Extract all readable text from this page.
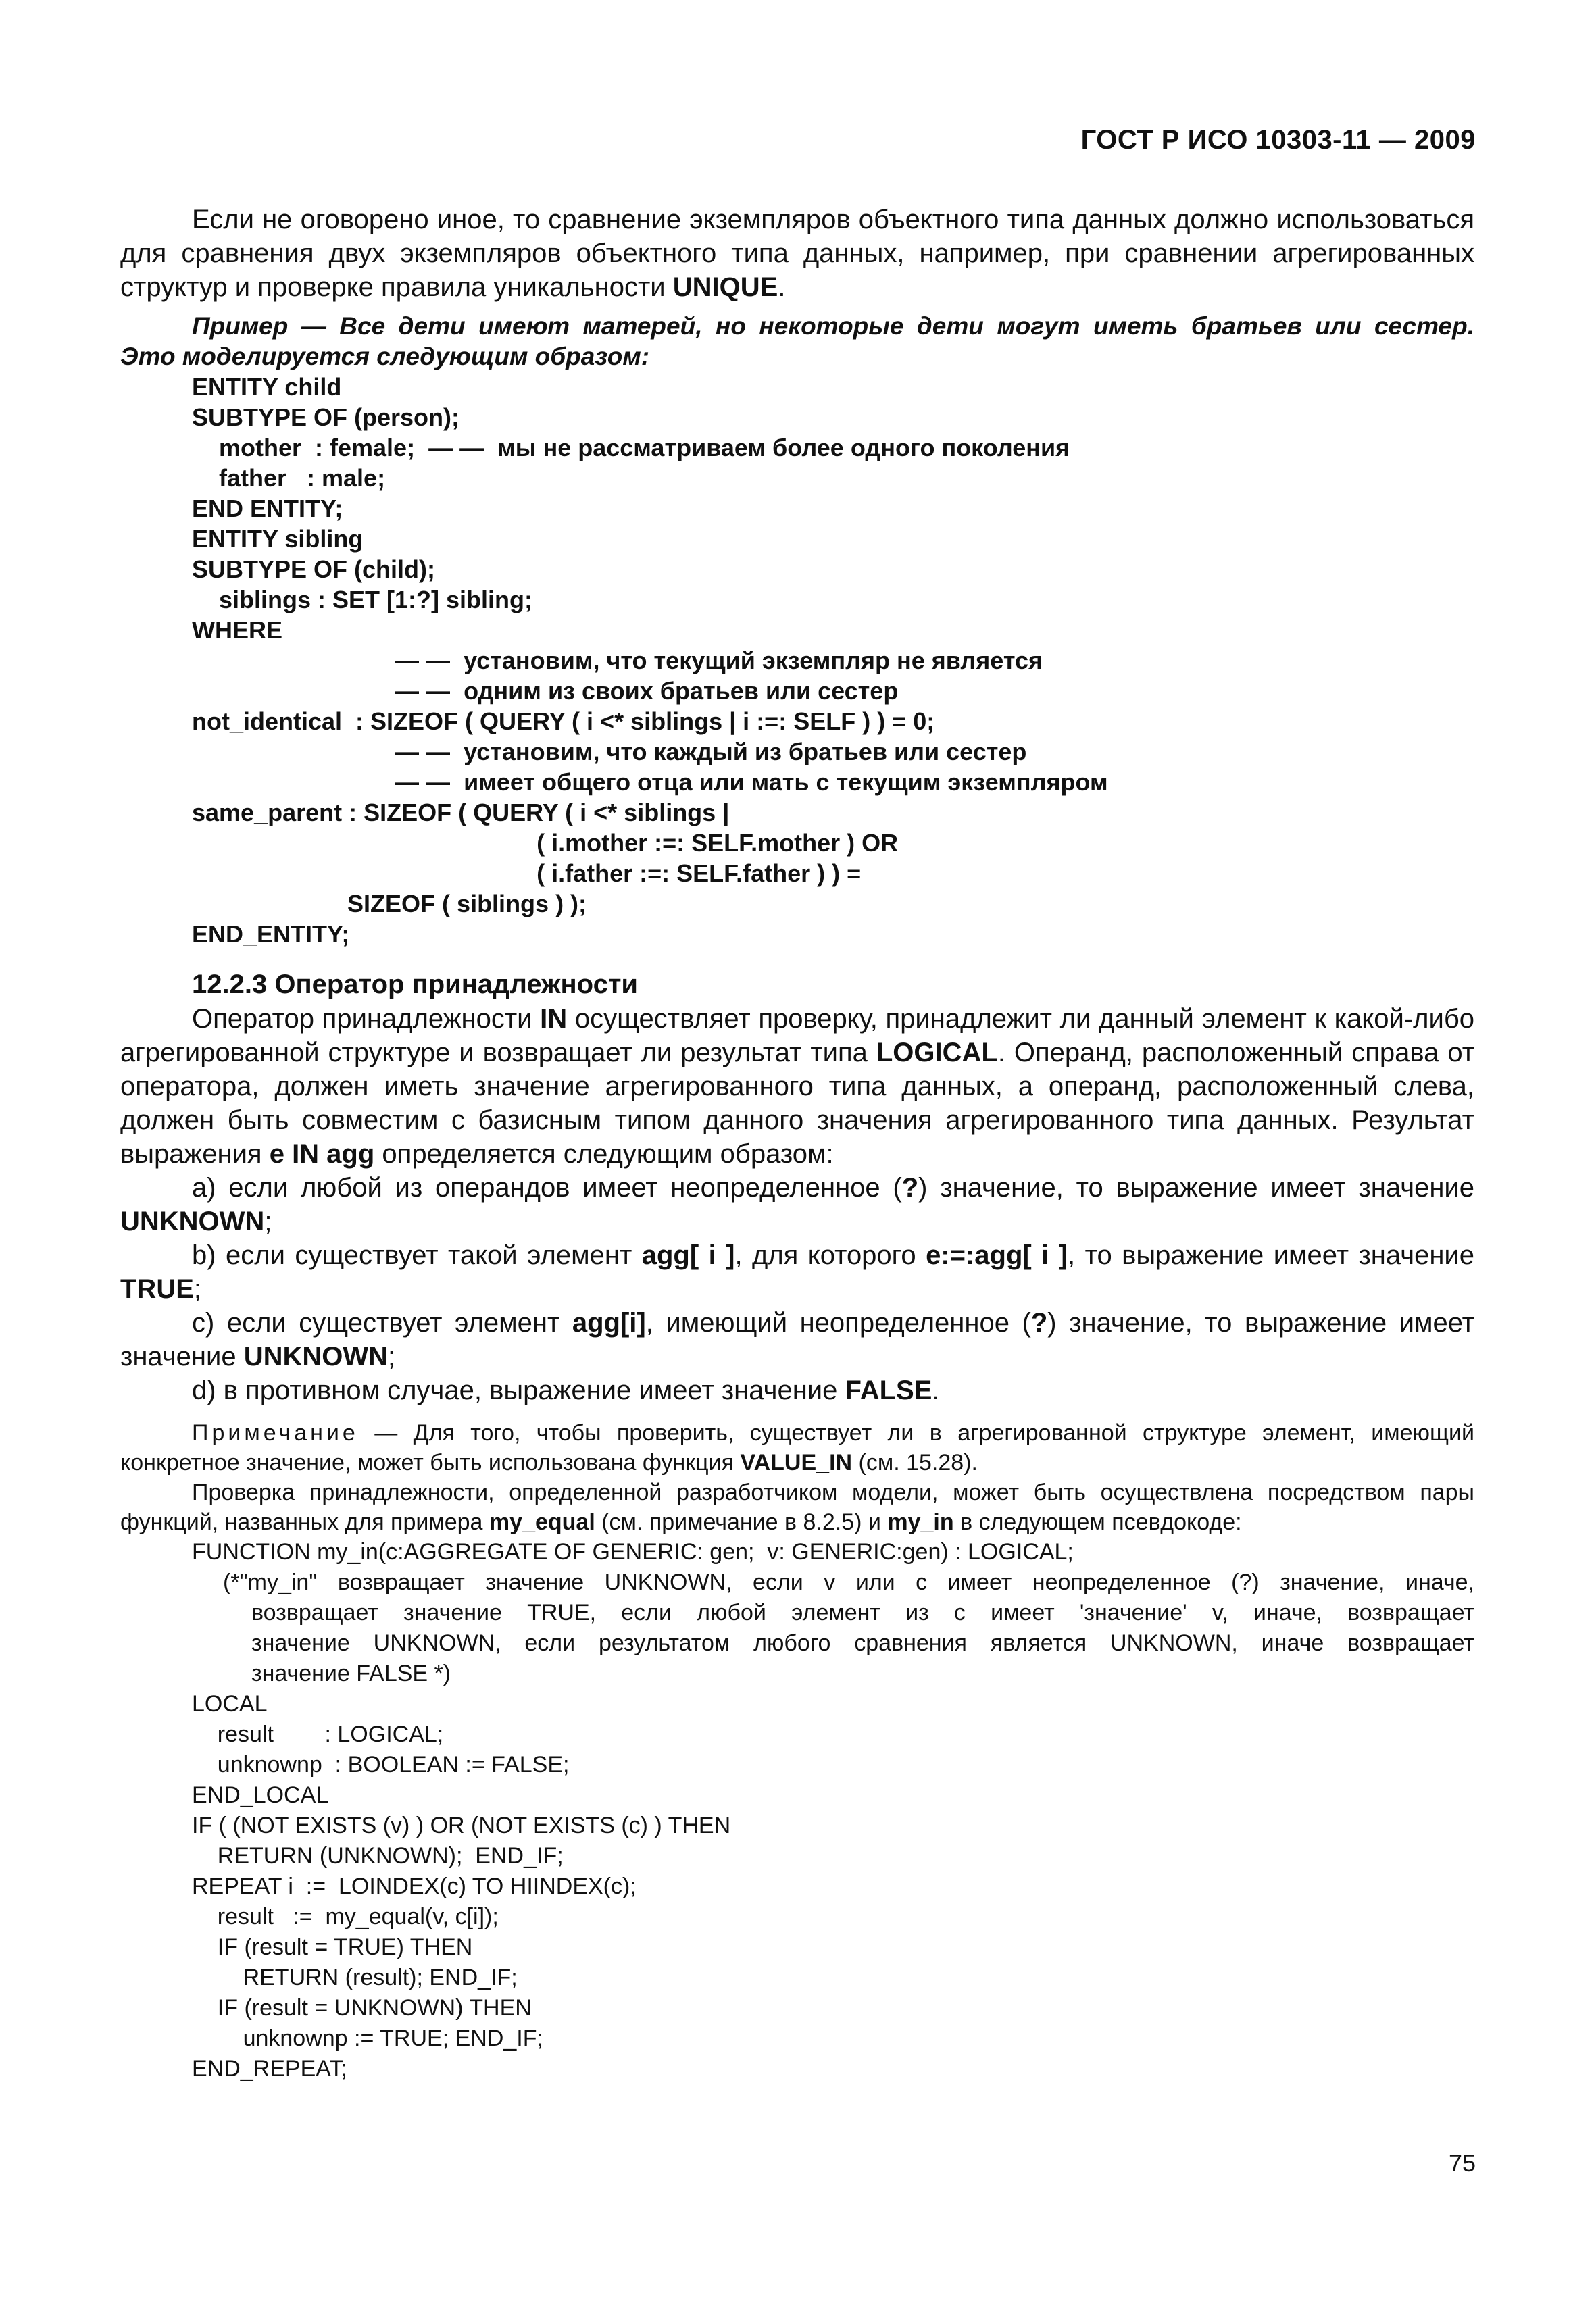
ГОСТ Р ИСО 10303-11 — 2009

Если не оговорено иное, то сравнение экземпляров объектного типа данных должно использоваться для сравнения двух экземпляров объектного типа данных, например, при сравнении агрегированных структур и проверке правила уникальности UNIQUE.

Пример — Все дети имеют матерей, но некоторые дети могут иметь братьев или сестер.
Это моделируется следующим образом:
ENTITY child
SUBTYPE OF (person);
mother  : female;  — —  мы не рассматриваем более одного поколения
father   : male;
END ENTITY;
ENTITY sibling
SUBTYPE OF (child);
siblings : SET [1:?] sibling;
WHERE
— —  установим, что текущий экземпляр не является
— —  одним из своих братьев или сестер
not_identical  : SIZEOF ( QUERY ( i <* siblings | i :=: SELF ) ) = 0;
— —  установим, что каждый из братьев или сестер
— —  имеет общего отца или мать с текущим экземпляром
same_parent : SIZEOF ( QUERY ( i <* siblings |
( i.mother :=: SELF.mother ) OR
( i.father :=: SELF.father ) ) =
SIZEOF ( siblings ) );
END_ENTITY;
12.2.3 Оператор принадлежности

Оператор принадлежности IN осуществляет проверку, принадлежит ли данный элемент к какой-либо агрегированной структуре и возвращает ли результат типа LOGICAL. Операнд, расположенный справа от оператора, должен иметь значение агрегированного типа данных, а операнд, расположенный слева, должен быть совместим с базисным типом данного значения агрегированного типа данных. Результат выражения e IN agg определяется следующим образом:

а) если любой из операндов имеет неопределенное (?) значение, то выражение имеет значение UNKNOWN;

b) если существует такой элемент agg[ i ], для которого e:=:agg[ i ], то выражение имеет значение TRUE;

с) если существует элемент agg[i], имеющий неопределенное (?) значение, то выражение имеет значение UNKNOWN;

d) в противном случае, выражение имеет значение FALSE.

Примечание — Для того, чтобы проверить, существует ли в агрегированной структуре элемент, имеющий конкретное значение, может быть использована функция VALUE_IN (см. 15.28).

Проверка принадлежности, определенной разработчиком модели, может быть осуществлена посредством пары функций, названных для примера my_equal (см. примечание в 8.2.5) и my_in в следующем псевдокоде:

FUNCTION my_in(c:AGGREGATE OF GENERIC: gen;  v: GENERIC:gen) : LOGICAL;
(*"my_in" возвращает значение UNKNOWN, если v или c имеет неопределенное (?) значение, иначе,
возвращает значение TRUE, если любой элемент из c имеет 'значение' v, иначе, возвращает
значение UNKNOWN, если результатом любого сравнения является UNKNOWN, иначе возвращает
значение FALSE *)
LOCAL
result        : LOGICAL;
unknownp  : BOOLEAN := FALSE;
END_LOCAL
IF ( (NOT EXISTS (v) ) OR (NOT EXISTS (c) ) THEN
RETURN (UNKNOWN);  END_IF;
REPEAT i  :=  LOINDEX(c) TO HIINDEX(c);
result   :=  my_equal(v, c[i]);
IF (result = TRUE) THEN
RETURN (result); END_IF;
IF (result = UNKNOWN) THEN
unknownp := TRUE; END_IF;
END_REPEAT;
75
